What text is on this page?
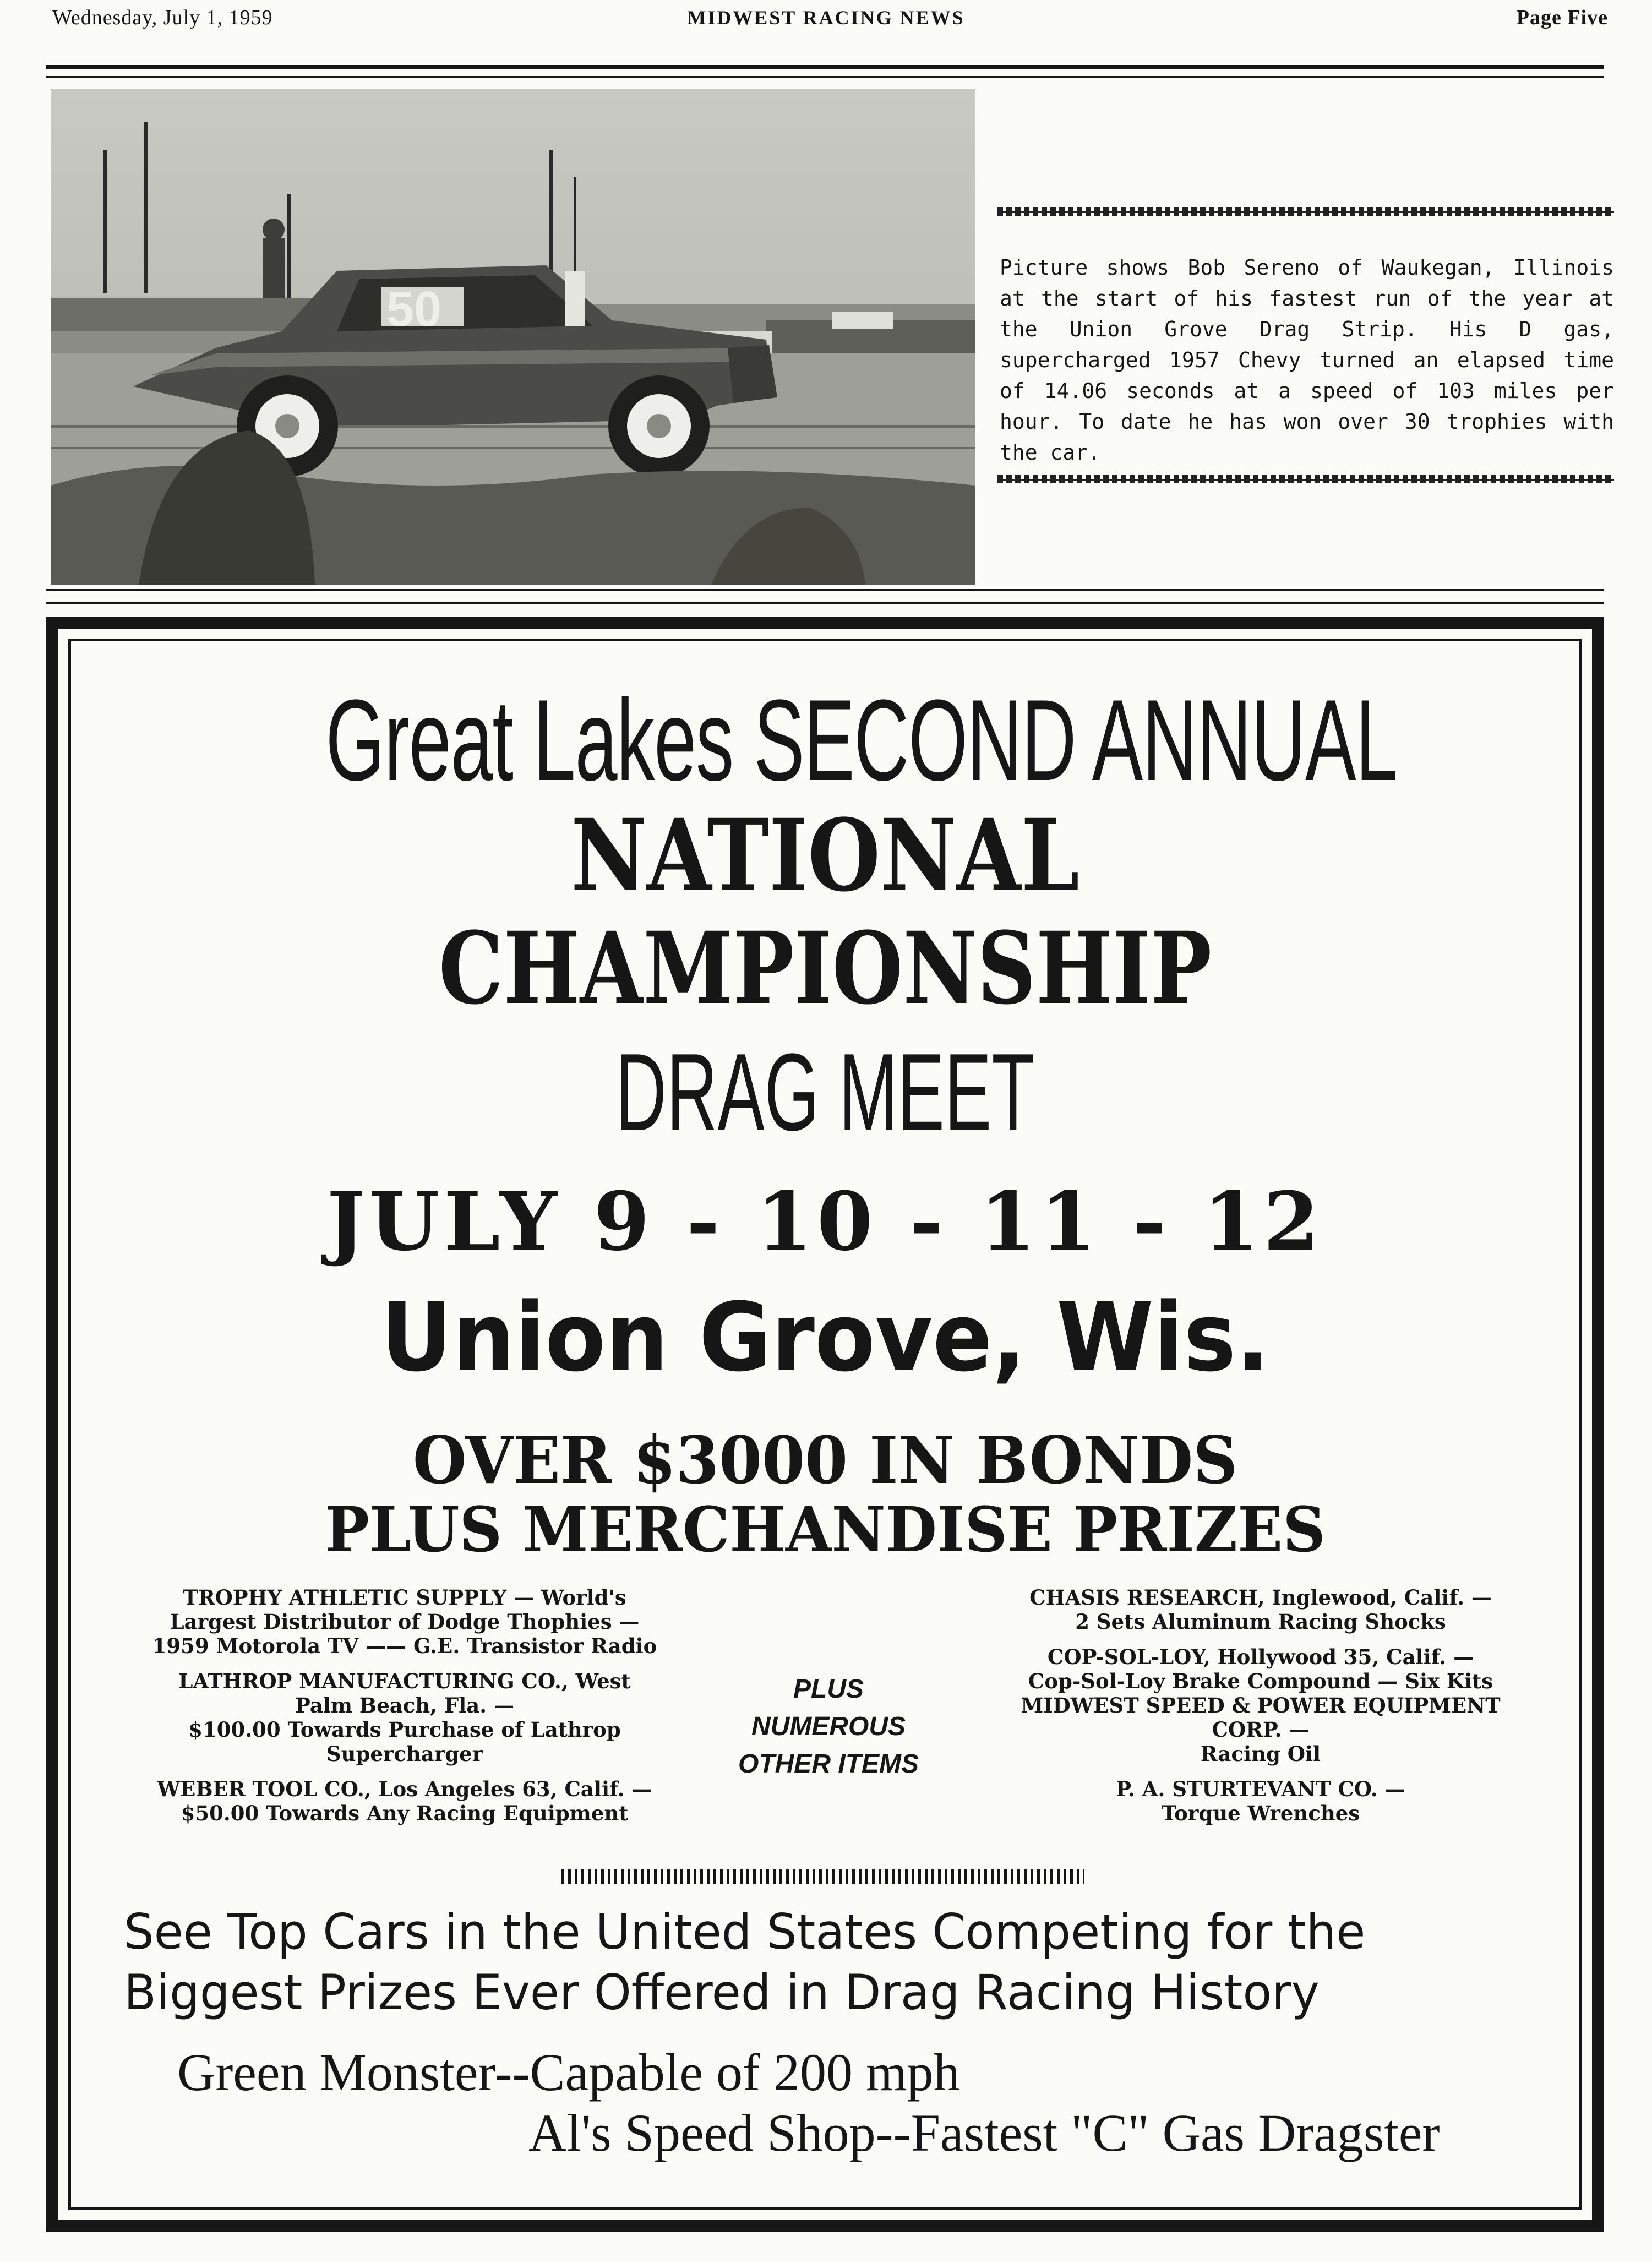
MIDWEST RACING NEWS
Wednesday, July 1, 1959	Page Five
50
Picture shows Bob Sereno of Waukegan, Illinois at the start of his fastest run of the year at the Union Grove Drag Strip. His D gas, supercharged 1957 Chevy turned an elapsed time of 14.06 seconds at a speed of 103 miles per hour. To date he has won over 30 trophies with the car.
Great Lakes SECOND ANNUAL
NATIONAL
CHAMPIONSHIP
DRAG MEET
JULY 9 - 10 - 11 - 12
Union Grove, Wis.
OVER $3000 IN BONDS
PLUS MERCHANDISE PRIZES
TROPHY ATHLETIC SUPPLY — World's
Largest Distributor of Dodge Thophies —
1959 Motorola TV —— G.E. Transistor Radio
LATHROP MANUFACTURING CO., West
Palm Beach, Fla. —
$100.00 Towards Purchase of Lathrop
Supercharger
WEBER TOOL CO., Los Angeles 63, Calif. —
$50.00 Towards Any Racing Equipment
PLUS
NUMEROUS
OTHER ITEMS
CHASIS RESEARCH, Inglewood, Calif. —
2 Sets Aluminum Racing Shocks
COP-SOL-LOY, Hollywood 35, Calif. —
Cop-Sol-Loy Brake Compound — Six Kits
MIDWEST SPEED & POWER EQUIPMENT
CORP. —
Racing Oil
P. A. STURTEVANT CO. —
Torque Wrenches
See Top Cars in the United States Competing for the
Biggest Prizes Ever Offered in Drag Racing History
Green Monster--Capable of 200 mph
Al's Speed Shop--Fastest "C" Gas Dragster
